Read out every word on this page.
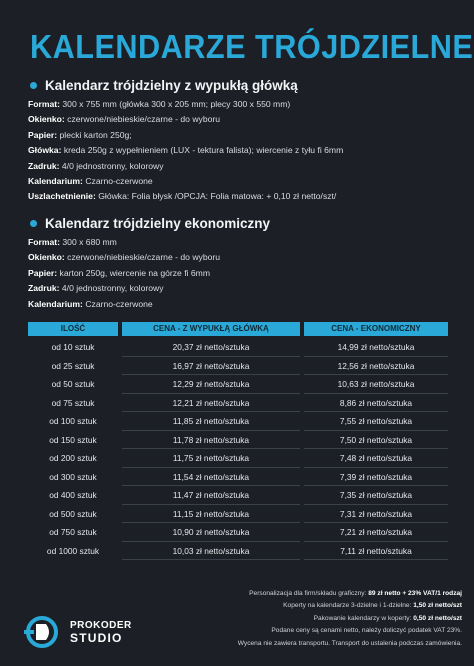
KALENDARZE TRÓJDZIELNE
Kalendarz trójdzielny z wypukłą główką
Format: 300 x 755 mm (główka 300 x 205 mm; plecy 300 x 550 mm)
Okienko: czerwone/niebieskie/czarne - do wyboru
Papier: plecki karton 250g;
Główka: kreda 250g z wypełnieniem (LUX - tektura falista); wiercenie z tyłu fi 6mm
Zadruk: 4/0 jednostronny, kolorowy
Kalendarium: Czarno-czerwone
Uszlachetnienie: Główka: Folia błysk /OPCJA: Folia matowa: + 0,10 zł netto/szt/
Kalendarz trójdzielny ekonomiczny
Format: 300 x 680 mm
Okienko: czerwone/niebieskie/czarne - do wyboru
Papier: karton 250g, wiercenie na górze fi 6mm
Zadruk: 4/0 jednostronny, kolorowy
Kalendarium: Czarno-czerwone
ILOŚĆ	CENA - Z WYPUKŁĄ GŁÓWKĄ	CENA - EKONOMICZNY
od 10 sztuk	20,37 zł netto/sztuka	14,99 zł netto/sztuka
od 25 sztuk	16,97 zł netto/sztuka	12,56 zł netto/sztuka
od 50 sztuk	12,29 zł netto/sztuka	10,63 zł netto/sztuka
od 75 sztuk	12,21 zł netto/sztuka	8,86 zł netto/sztuka
od 100 sztuk	11,85 zł netto/sztuka	7,55 zł netto/sztuka
od 150 sztuk	11,78 zł netto/sztuka	7,50 zł netto/sztuka
od 200 sztuk	11,75 zł netto/sztuka	7,48 zł netto/sztuka
od 300 sztuk	11,54 zł netto/sztuka	7,39 zł netto/sztuka
od 400 sztuk	11,47 zł netto/sztuka	7,35 zł netto/sztuka
od 500 sztuk	11,15 zł netto/sztuka	7,31 zł netto/sztuka
od 750 sztuk	10,90 zł netto/sztuka	7,21 zł netto/sztuka
od 1000 sztuk	10,03 zł netto/sztuka	7,11 zł netto/sztuka
PROKODER
STUDIO
Personalizacja dla firm/składu graficzny: 89 zł netto + 23% VAT/1 rodzaj
Koperty na kalendarze 3-dzielne i 1-dzielne: 1,50 zł netto/szt
Pakowanie kalendarzy w koperty: 0,50 zł netto/szt
Podane ceny są cenami netto, należy doliczyć podatek VAT 23%.
Wycena nie zawiera transportu. Transport do ustalenia podczas zamówienia.
